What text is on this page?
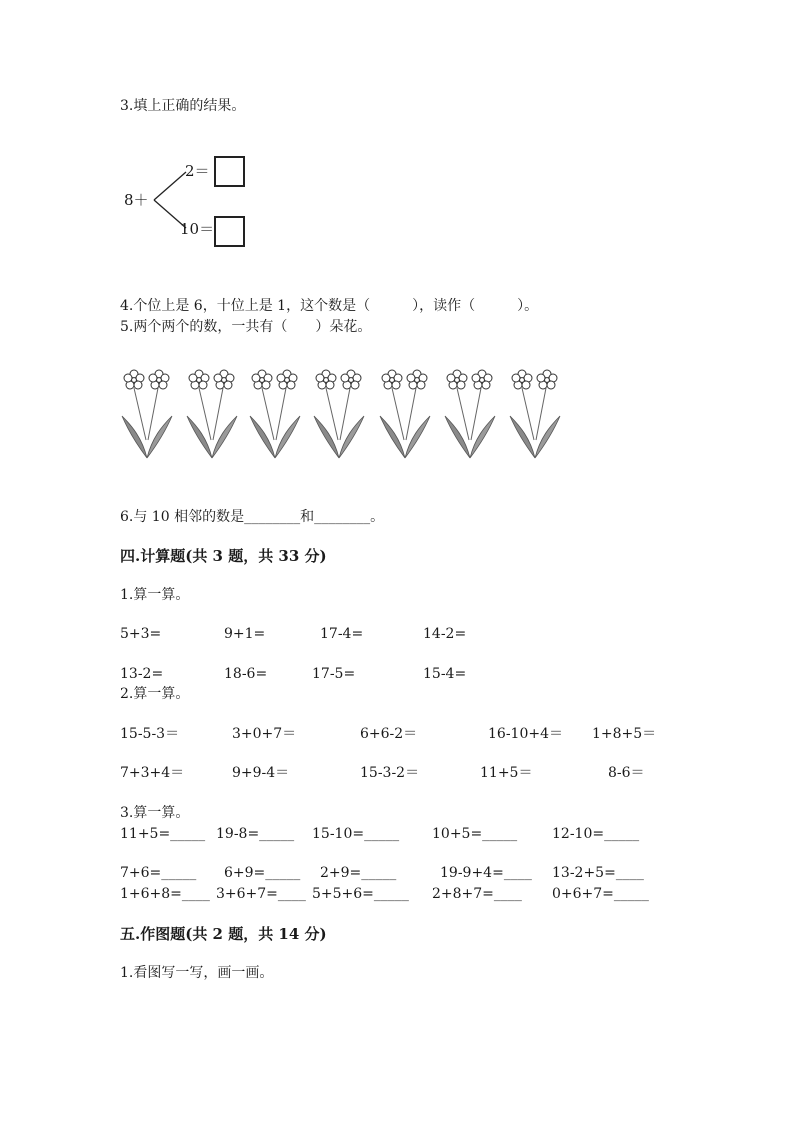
3.填上正确的结果。
8＋
2＝
10＝
4.个位上是 6，十位上是 1，这个数是（　　　），读作（　　　）。
5.两个两个的数，一共有（　　）朵花。
6.与 10 相邻的数是________和________。
四.计算题(共 3 题，共 33 分)
1.算一算。
5+3=	9+1=	17-4=	14-2=
13-2=	18-6=	17-5=	15-4=
2.算一算。
15-5-3＝	3+0+7＝	6+6-2＝	16-10+4＝ 1+8+5＝
7+3+4＝	9+9-4＝	15-3-2＝	11+5＝	8-6＝
3.算一算。
11+5=_____ 19-8=_____ 15-10=_____ 10+5=_____ 12-10=_____
7+6=_____ 6+9=_____ 2+9=_____	19-9+4=____ 13-2+5=____
1+6+8=____ 3+6+7=____ 5+5+6=_____ 2+8+7=____ 0+6+7=_____
五.作图题(共 2 题，共 14 分)
1.看图写一写，画一画。
